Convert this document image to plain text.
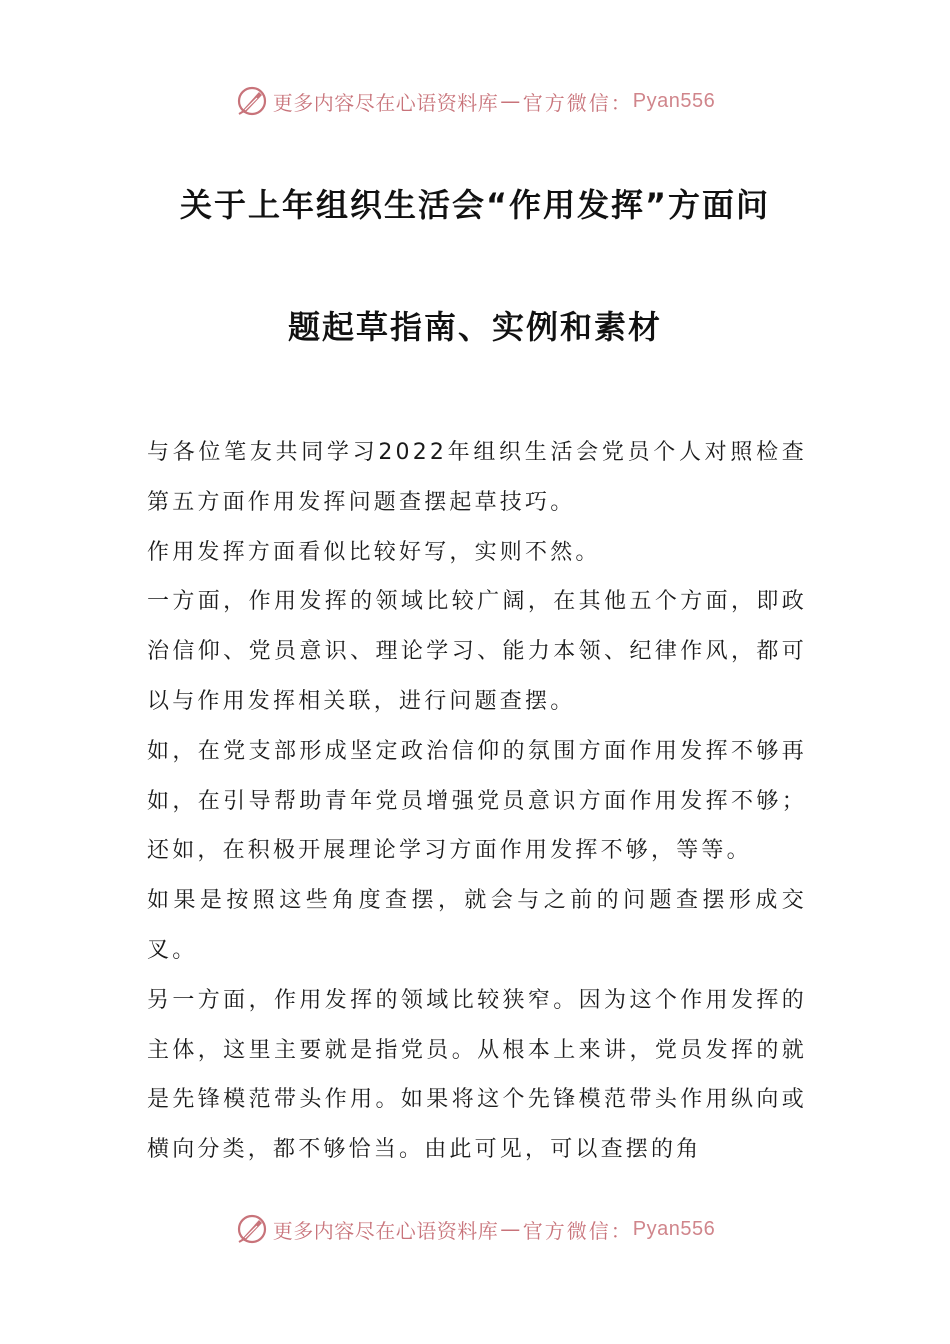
更多内容尽在心语资料库 — 官方微信： Pyan556
关于上年组织生活会“作用发挥”方面问
题起草指南、实例和素材

与各位笔友共同学习2022年组织生活会党员个人对照检查第五方面作用发挥问题查摆起草技巧。

作用发挥方面看似比较好写，实则不然。

一方面，作用发挥的领域比较广阔，在其他五个方面，即政治信仰、党员意识、理论学习、能力本领、纪律作风，都可以与作用发挥相关联，进行问题查摆。

如，在党支部形成坚定政治信仰的氛围方面作用发挥不够再如，在引导帮助青年党员增强党员意识方面作用发挥不够；还如，在积极开展理论学习方面作用发挥不够，等等。

如果是按照这些角度查摆，就会与之前的问题查摆形成交叉。

另一方面，作用发挥的领域比较狭窄。因为这个作用发挥的主体，这里主要就是指党员。从根本上来讲，党员发挥的就是先锋模范带头作用。如果将这个先锋模范带头作用纵向或横向分类，都不够恰当。由此可见，可以查摆的角

更多内容尽在心语资料库 — 官方微信： Pyan556
